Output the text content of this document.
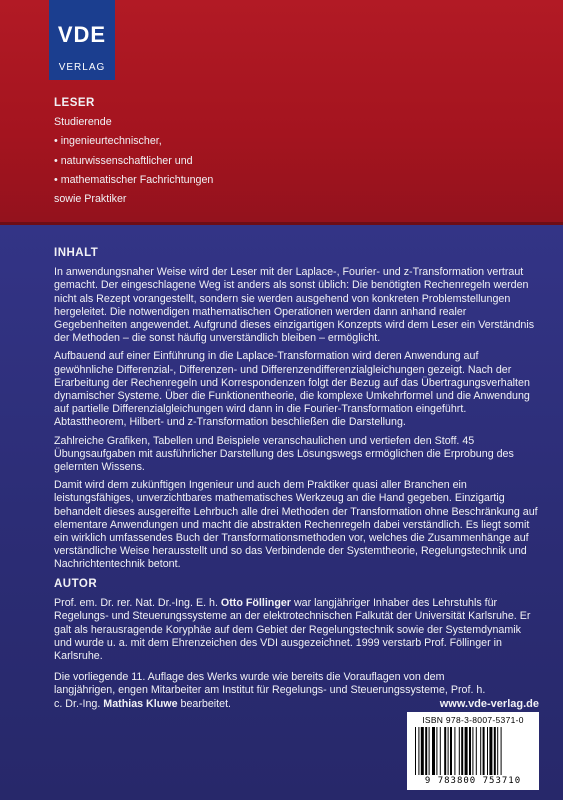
VDE
VERLAG
LESER
Studierende
• ingenieurtechnischer,
• naturwissenschaftlicher und
• mathematischer Fachrichtungen
sowie Praktiker
INHALT

In anwendungsnaher Weise wird der Leser mit der Laplace-, Fourier- und z-Transformation vertraut gemacht. Der eingeschlagene Weg ist anders als sonst üblich: Die benötigten Rechenregeln werden nicht als Rezept vorangestellt, sondern sie werden ausgehend von konkreten Problemstellungen hergeleitet. Die notwendigen mathematischen Operationen werden dann anhand realer Gegebenheiten angewendet. Aufgrund dieses einzigartigen Konzepts wird dem Leser ein Verständnis der Methoden – die sonst häufig unverständlich bleiben – ermöglicht.

Aufbauend auf einer Einführung in die Laplace-Transformation wird deren Anwendung auf gewöhnliche Differenzial-, Differenzen- und Differenzendifferenzialgleichungen gezeigt. Nach der Erarbeitung der Rechenregeln und Korrespondenzen folgt der Bezug auf das Übertragungsverhalten dynamischer Systeme. Über die Funktionentheorie, die komplexe Umkehrformel und die Anwendung auf partielle Differenzialgleichungen wird dann in die Fourier-Transformation eingeführt. Abtasttheorem, Hilbert- und z-Transformation beschließen die Darstellung.

Zahlreiche Grafiken, Tabellen und Beispiele veranschaulichen und vertiefen den Stoff. 45 Übungsaufgaben mit ausführlicher Darstellung des Lösungswegs ermöglichen die Erprobung des gelernten Wissens.

Damit wird dem zukünftigen Ingenieur und auch dem Praktiker quasi aller Branchen ein leistungsfähiges, unverzichtbares mathematisches Werkzeug an die Hand gegeben. Einzigartig behandelt dieses ausgereifte Lehrbuch alle drei Methoden der Transformation ohne Beschränkung auf elementare Anwendungen und macht die abstrakten Rechenregeln dabei verständlich. Es liegt somit ein wirklich umfassendes Buch der Transformationsmethoden vor, welches die Zusammenhänge auf verständliche Weise herausstellt und so das Verbindende der Systemtheorie, Regelungstechnik und Nachrichtentechnik betont.

AUTOR

Prof. em. Dr. rer. Nat. Dr.-Ing. E. h. Otto Föllinger war langjähriger Inhaber des Lehrstuhls für Regelungs- und Steuerungssysteme an der elektrotechnischen Falkutät der Universität Karlsruhe. Er galt als herausragende Koryphäe auf dem Gebiet der Regelungstechnik sowie der Systemdynamik und wurde u. a. mit dem Ehrenzeichen des VDI ausgezeichnet. 1999 verstarb Prof. Föllinger in Karlsruhe.

Die vorliegende 11. Auflage des Werks wurde wie bereits die Vorauflagen von dem langjährigen, engen Mitarbeiter am Institut für Regelungs- und Steuerungssysteme, Prof. h. c. Dr.-Ing. Mathias Kluwe bearbeitet.	www.vde-verlag.de
ISBN 978-3-8007-5371-0
9 783800 753710
